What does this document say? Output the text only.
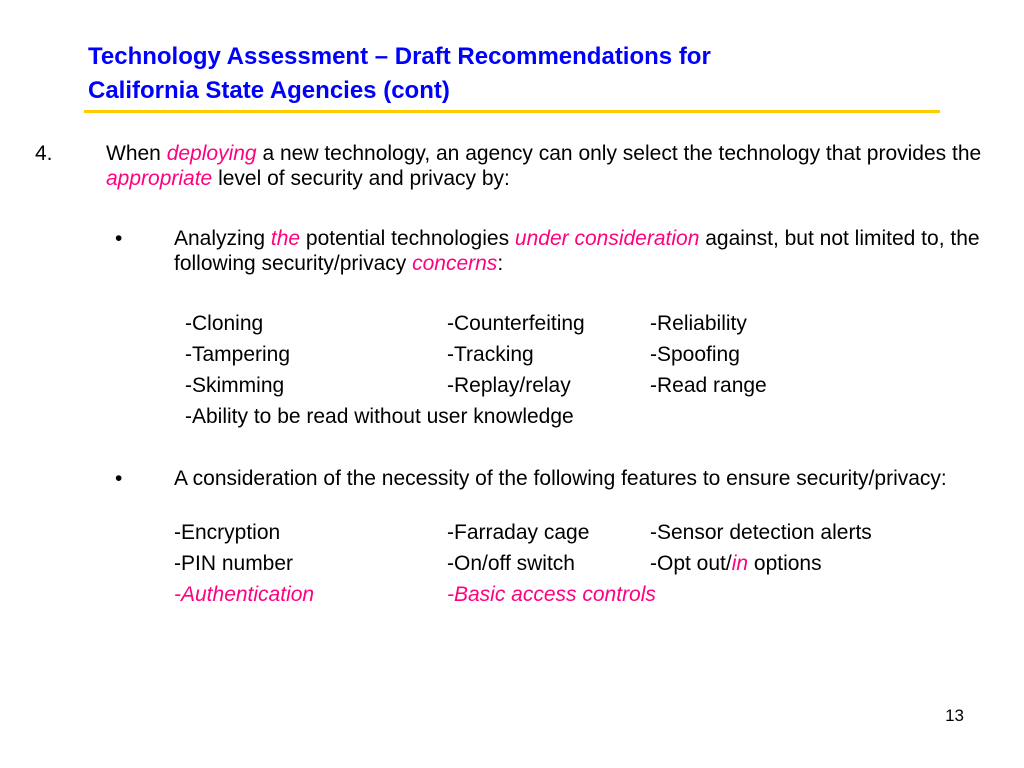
Technology Assessment – Draft Recommendations for
California State Agencies (cont)
4.	When deploying a new technology, an agency can only select the technology that provides the appropriate level of security and privacy by:
• Analyzing the potential technologies under consideration against, but not limited to, the following security/privacy concerns:
-Cloning	-Counterfeiting	-Reliability
-Tampering	-Tracking	-Spoofing
-Skimming	-Replay/relay	-Read range
-Ability to be read without user knowledge
• A consideration of the necessity of the following features to ensure security/privacy:
-Encryption	-Farraday cage	-Sensor detection alerts
-PIN number	-On/off switch	-Opt out/in options
-Authentication	-Basic access controls
13
